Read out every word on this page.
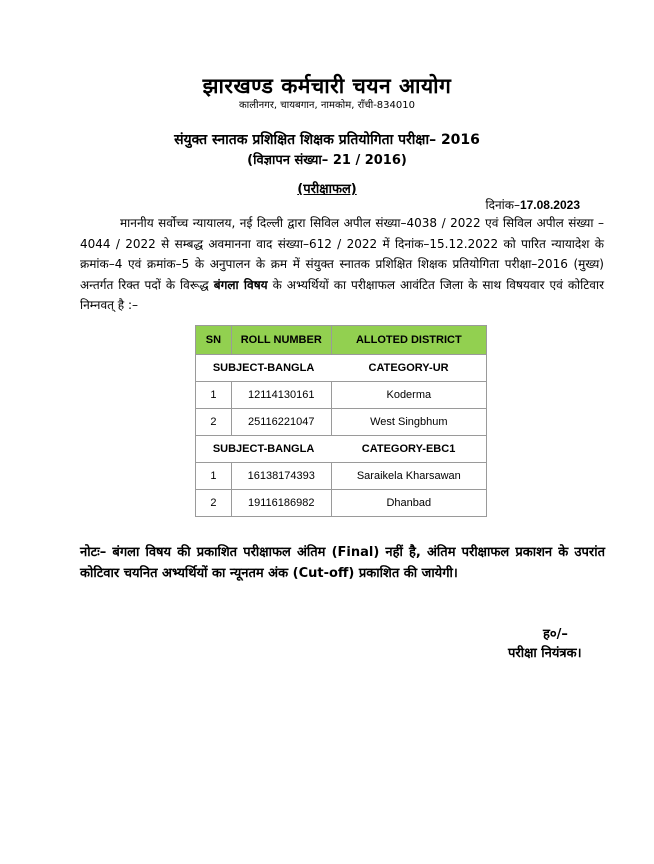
झारखण्ड कर्मचारी चयन आयोग
कालीनगर, चायबगान, नामकोम, राँची-834010
संयुक्त स्नातक प्रशिक्षित शिक्षक प्रतियोगिता परीक्षा– 2016
(विज्ञापन संख्या– 21 / 2016)
(परीक्षाफल)
दिनांक–17.08.2023
माननीय सर्वोच्च न्यायालय, नई दिल्ली द्वारा सिविल अपील संख्या–4038 / 2022 एवं सिविल अपील संख्या –4044 / 2022 से सम्बद्ध अवमानना वाद संख्या–612 / 2022 में दिनांक–15.12.2022 को पारित न्यायादेश के क्रमांक–4 एवं क्रमांक–5 के अनुपालन के क्रम में संयुक्त स्नातक प्रशिक्षित शिक्षक प्रतियोगिता परीक्षा–2016 (मुख्य) अन्तर्गत रिक्त पदों के विरूद्ध बंगला विषय के अभ्यर्थियों का परीक्षाफल आवंटित जिला के साथ विषयवार एवं कोटिवार निम्नवत् है :–
SN	ROLL NUMBER	ALLOTED DISTRICT
SUBJECT-BANGLA		CATEGORY-UR
1	12114130161	Koderma
2	25116221047	West Singbhum
SUBJECT-BANGLA		CATEGORY-EBC1
1	16138174393	Saraikela Kharsawan
2	19116186982	Dhanbad
नोटः– बंगला विषय की प्रकाशित परीक्षाफल अंतिम (Final) नहीं है, अंतिम परीक्षाफल प्रकाशन के उपरांत कोटिवार चयनित अभ्यर्थियों का न्यूनतम अंक (Cut-off) प्रकाशित की जायेगी।
ह०/–
परीक्षा नियंत्रक।
